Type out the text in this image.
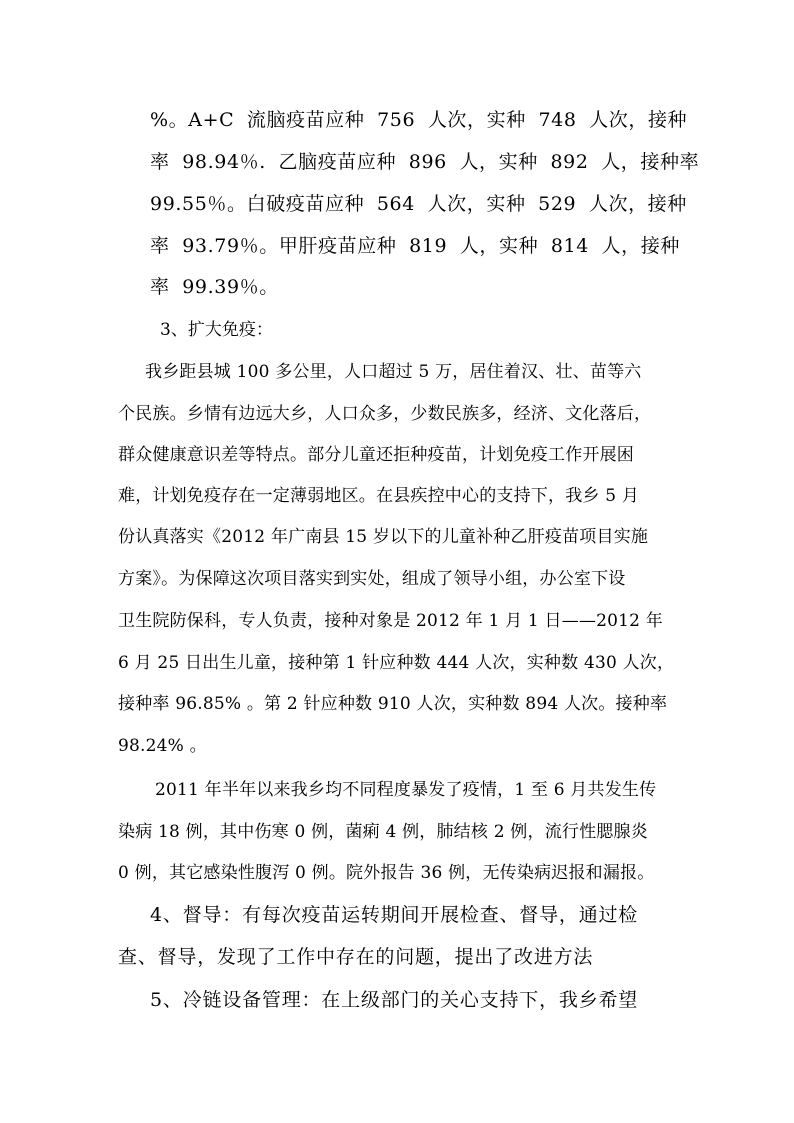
%。A+C 流脑疫苗应种 756 人次，实种 748 人次，接种
率 98.94％. 乙脑疫苗应种 896 人，实种 892 人，接种率
99.55％。白破疫苗应种 564 人次，实种 529 人次，接种
率 93.79％。甲肝疫苗应种 819 人，实种 814 人，接种
率 99.39％。
3、扩大免疫：
我乡距县城 100 多公里，人口超过 5 万，居住着汉、壮、苗等六
个民族。乡情有边远大乡，人口众多，少数民族多，经济、文化落后，
群众健康意识差等特点。部分儿童还拒种疫苗，计划免疫工作开展困
难，计划免疫存在一定薄弱地区。在县疾控中心的支持下，我乡 5 月
份认真落实《2012 年广南县 15 岁以下的儿童补种乙肝疫苗项目实施
方案》。为保障这次项目落实到实处，组成了领导小组，办公室下设
卫生院防保科，专人负责，接种对象是 2012 年 1 月 1 日——2012 年
6 月 25 日出生儿童，接种第 1 针应种数 444 人次，实种数 430 人次，
接种率 96.85% 。第 2 针应种数 910 人次，实种数 894 人次。接种率
98.24% 。
2011 年半年以来我乡均不同程度暴发了疫情，1 至 6 月共发生传
染病 18 例，其中伤寒 0 例，菌痢 4 例，肺结核 2 例，流行性腮腺炎
0 例，其它感染性腹泻 0 例。院外报告 36 例，无传染病迟报和漏报。
4、督导：有每次疫苗运转期间开展检查、督导，通过检
查、督导，发现了工作中存在的问题，提出了改进方法
5、冷链设备管理：在上级部门的关心支持下，我乡希望
